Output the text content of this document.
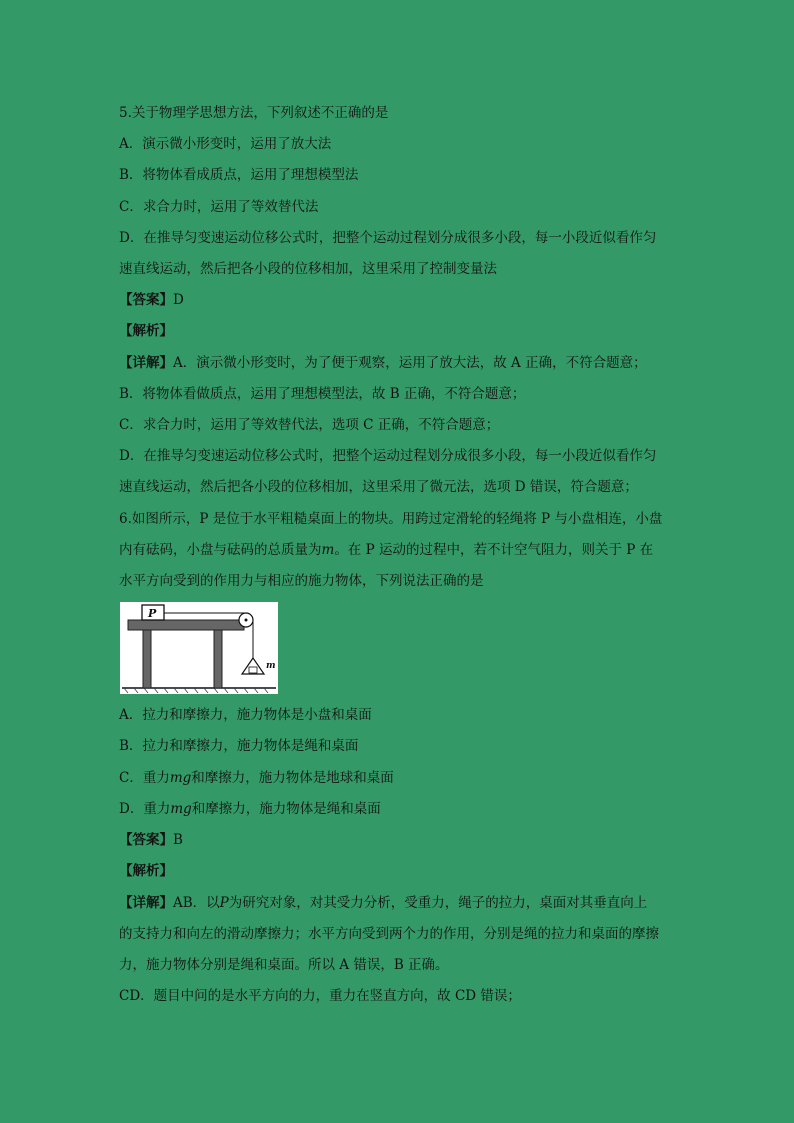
5.关于物理学思想方法，下列叙述不正确的是
A．演示微小形变时，运用了放大法
B．将物体看成质点，运用了理想模型法
C．求合力时，运用了等效替代法
D．在推导匀变速运动位移公式时，把整个运动过程划分成很多小段，每一小段近似看作匀
速直线运动，然后把各小段的位移相加，这里采用了控制变量法
【答案】D
【解析】
【详解】A．演示微小形变时，为了便于观察，运用了放大法，故 A 正确，不符合题意；
B．将物体看做质点，运用了理想模型法，故 B 正确，不符合题意；
C．求合力时，运用了等效替代法，选项 C 正确，不符合题意；
D．在推导匀变速运动位移公式时，把整个运动过程划分成很多小段，每一小段近似看作匀
速直线运动，然后把各小段的位移相加，这里采用了微元法，选项 D 错误，符合题意；
6.如图所示，P 是位于水平粗糙桌面上的物块。用跨过定滑轮的轻绳将 P 与小盘相连，小盘
内有砝码，小盘与砝码的总质量为m。在 P 运动的过程中，若不计空气阻力，则关于 P 在
水平方向受到的作用力与相应的施力物体，下列说法正确的是
P
m
A．拉力和摩擦力，施力物体是小盘和桌面
B．拉力和摩擦力，施力物体是绳和桌面
C．重力mg和摩擦力，施力物体是地球和桌面
D．重力mg和摩擦力，施力物体是绳和桌面
【答案】B
【解析】
【详解】AB．以P为研究对象，对其受力分析，受重力，绳子的拉力，桌面对其垂直向上
的支持力和向左的滑动摩擦力；水平方向受到两个力的作用，分别是绳的拉力和桌面的摩擦
力，施力物体分别是绳和桌面。所以 A 错误，B 正确。
CD．题目中问的是水平方向的力，重力在竖直方向，故 CD 错误；
